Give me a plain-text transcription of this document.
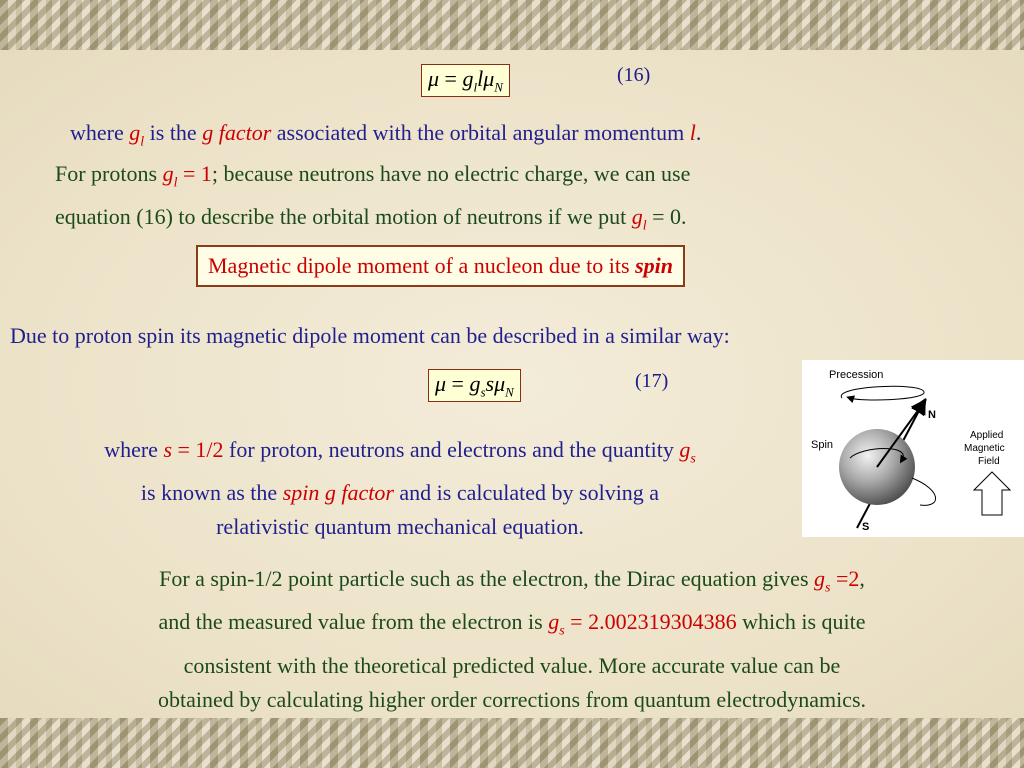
$\mu = g_ll\mu_N$
(16)
where $g_l$ is the g factor associated with the orbital angular momentum l.
For protons $g_l = 1$; because neutrons have no electric charge, we can use
equation (16) to describe the orbital motion of neutrons if we put $g_l = 0$.
Magnetic dipole moment of a nucleon due to its spin
Due to proton spin its magnetic dipole moment can be described in a similar way:
$\mu = g_ss\mu_N$	(17)
where s = 1/2 for proton, neutrons and electrons and the quantity $g_s$
is known as the spin g factor and is calculated by solving a
relativistic quantum mechanical equation.
Precession
N
Spin
S
Applied
Magnetic
Field
For a spin-1/2 point particle such as the electron, the Dirac equation gives $g_s =2$,
and the measured value from the electron is $g_s = 2.002319304386$ which is quite
consistent with the theoretical predicted value. More accurate value can be
obtained by calculating higher order corrections from quantum electrodynamics.
